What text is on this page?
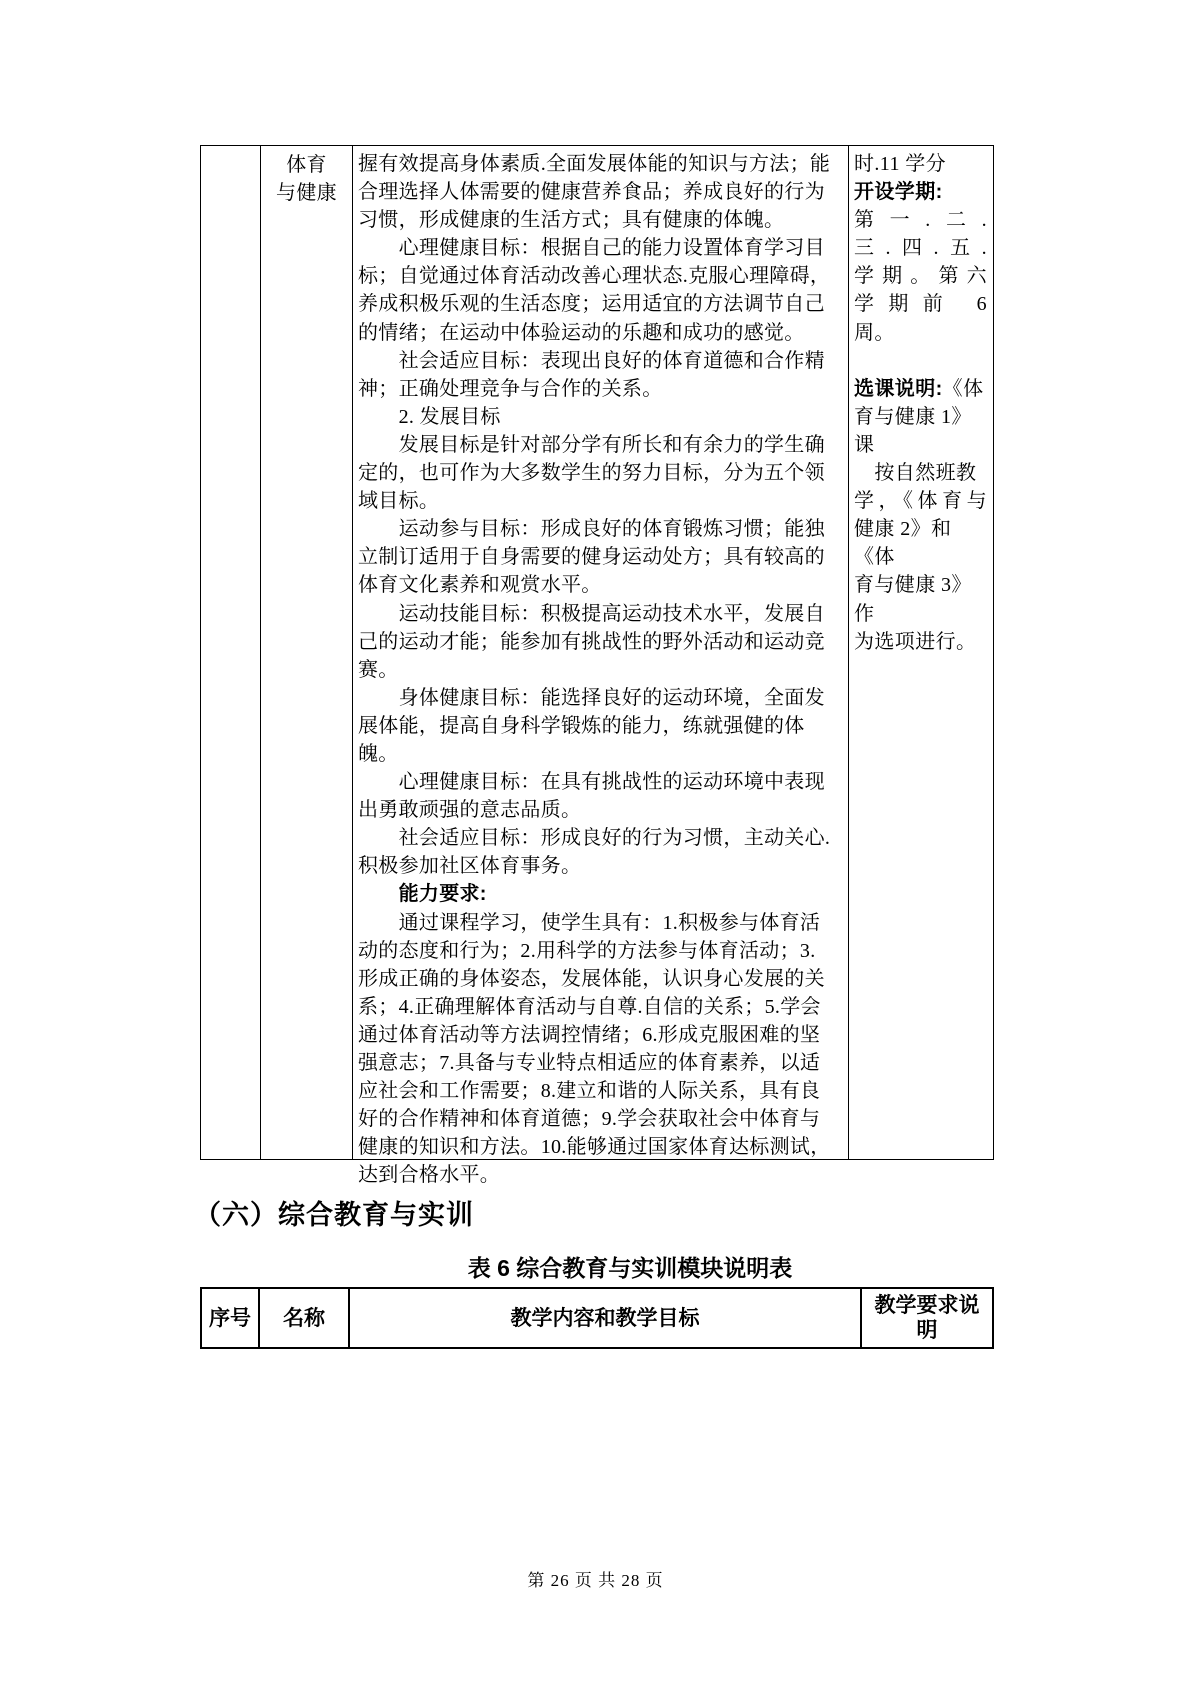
体育
与健康
握有效提高身体素质.全面发展体能的知识与方法；能
合理选择人体需要的健康营养食品；养成良好的行为
习惯，形成健康的生活方式；具有健康的体魄。
　　心理健康目标：根据自己的能力设置体育学习目
标；自觉通过体育活动改善心理状态.克服心理障碍，
养成积极乐观的生活态度；运用适宜的方法调节自己
的情绪；在运动中体验运动的乐趣和成功的感觉。
　　社会适应目标：表现出良好的体育道德和合作精
神；正确处理竞争与合作的关系。
　　2. 发展目标
　　发展目标是针对部分学有所长和有余力的学生确
定的，也可作为大多数学生的努力目标，分为五个领
域目标。
　　运动参与目标：形成良好的体育锻炼习惯；能独
立制订适用于自身需要的健身运动处方；具有较高的
体育文化素养和观赏水平。
　　运动技能目标：积极提高运动技术水平，发展自
己的运动才能；能参加有挑战性的野外活动和运动竞
赛。
　　身体健康目标：能选择良好的运动环境，全面发
展体能，提高自身科学锻炼的能力，练就强健的体魄。
　　心理健康目标：在具有挑战性的运动环境中表现
出勇敢顽强的意志品质。
　　社会适应目标：形成良好的行为习惯，主动关心.
积极参加社区体育事务。
　　能力要求:
　　通过课程学习，使学生具有：1.积极参与体育活
动的态度和行为；2.用科学的方法参与体育活动；3.
形成正确的身体姿态，发展体能，认识身心发展的关
系；4.正确理解体育活动与自尊.自信的关系；5.学会
通过体育活动等方法调控情绪；6.形成克服困难的坚
强意志；7.具备与专业特点相适应的体育素养，以适
应社会和工作需要；8.建立和谐的人际关系，具有良
好的合作精神和体育道德；9.学会获取社会中体育与
健康的知识和方法。10.能够通过国家体育达标测试，
达到合格水平。
时.11 学分
开设学期:
第一.二.
三.四.五.
学期。第六
学期前 6
周。

选课说明:《体
育与健康 1》课
　按自然班教
学，《体育与
健康 2》和《体
育与健康 3》作
为选项进行。
（六）综合教育与实训
表 6 综合教育与实训模块说明表
序号	名称	教学内容和教学目标
教学要求说明
第 26 页 共 28 页
